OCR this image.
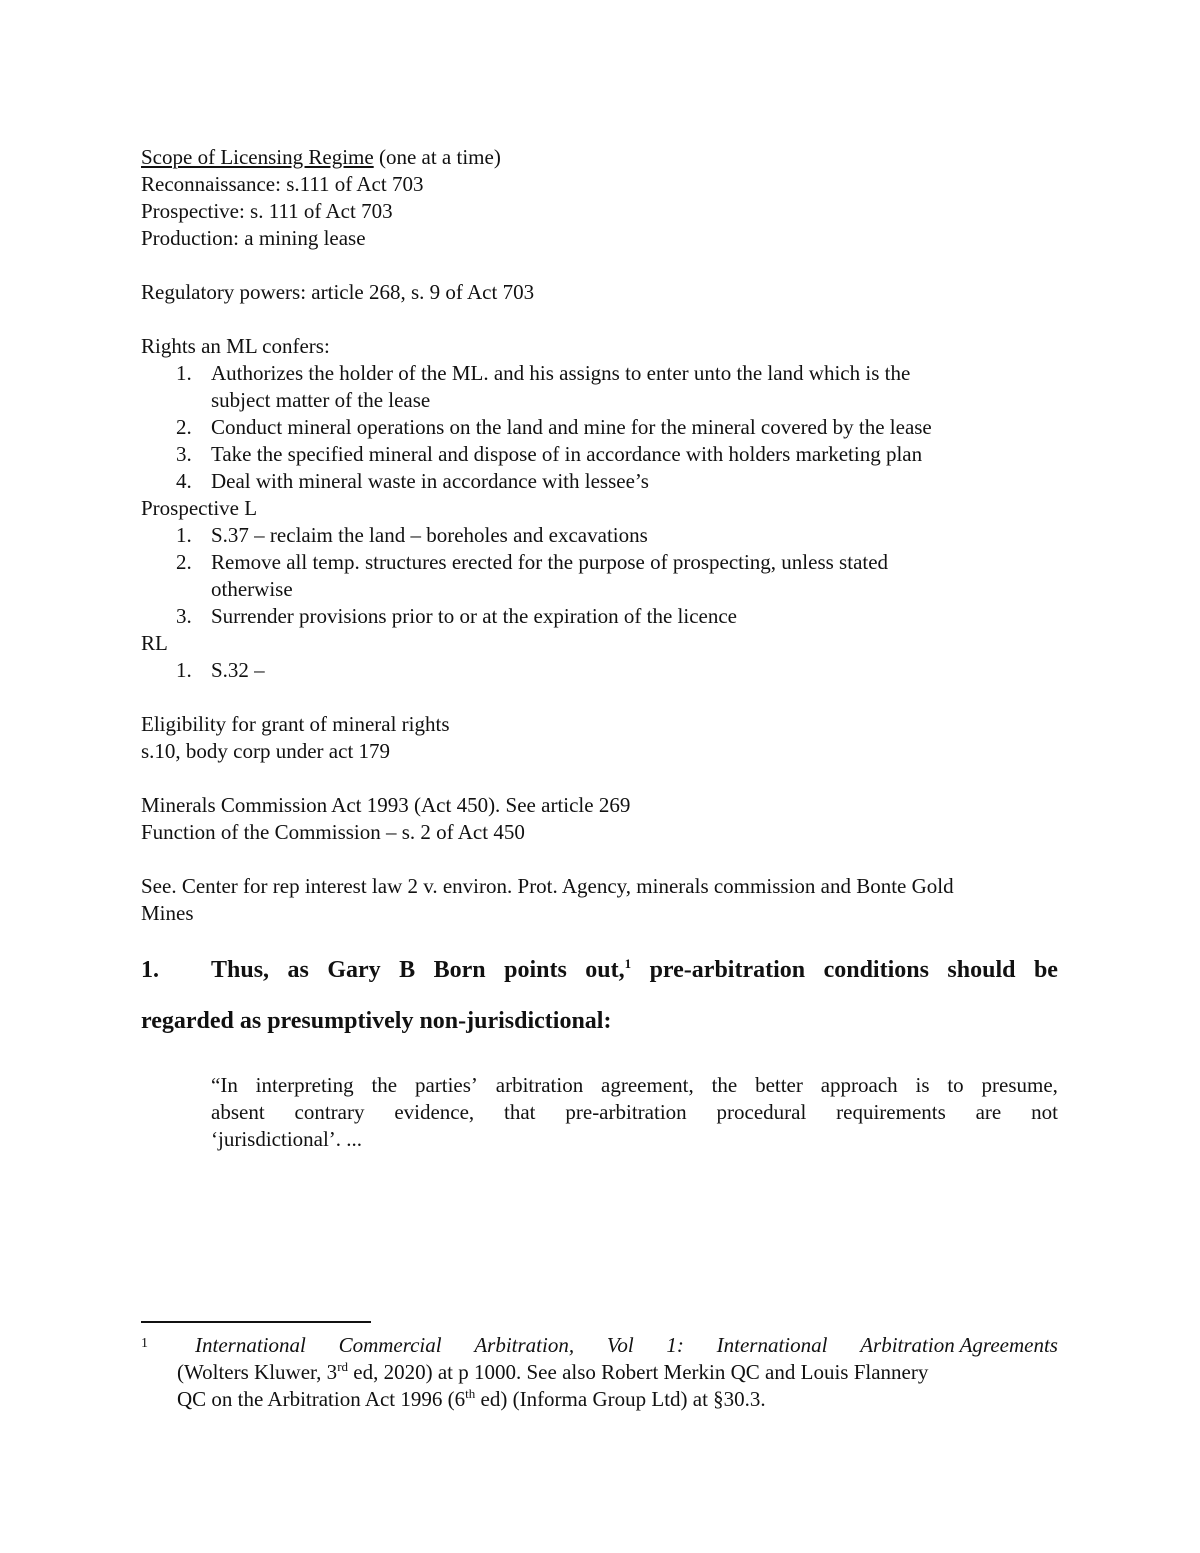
Scope of Licensing Regime (one at a time)
Reconnaissance: s.111 of Act 703
Prospective: s. 111 of Act 703
Production: a mining lease
Regulatory powers: article 268, s. 9 of Act 703
Rights an ML confers:
1. Authorizes the holder of the ML. and his assigns to enter unto the land which is the
subject matter of the lease
2. Conduct mineral operations on the land and mine for the mineral covered by the lease
3. Take the specified mineral and dispose of in accordance with holders marketing plan
4. Deal with mineral waste in accordance with lessee’s
Prospective L
1. S.37 – reclaim the land – boreholes and excavations
2. Remove all temp. structures erected for the purpose of prospecting, unless stated
otherwise
3. Surrender provisions prior to or at the expiration of the licence
RL
1. S.32 –
Eligibility for grant of mineral rights
s.10, body corp under act 179
Minerals Commission Act 1993 (Act 450). See article 269
Function of the Commission – s. 2 of Act 450
See. Center for rep interest law 2 v. environ. Prot. Agency, minerals commission and Bonte Gold
Mines
1. Thus, as Gary B Born points out,$^1$ pre-arbitration conditions should be
regarded as presumptively non-jurisdictional:
“In interpreting the parties’ arbitration agreement, the better approach is to presume,
absent contrary evidence, that pre-arbitration procedural requirements are not
‘jurisdictional’. ...
1 International Commercial Arbitration, Vol 1: International Arbitration Agreements
(Wolters Kluwer, 3rd ed, 2020) at p 1000. See also Robert Merkin QC and Louis Flannery
QC on the Arbitration Act 1996 (6th ed) (Informa Group Ltd) at §30.3.
